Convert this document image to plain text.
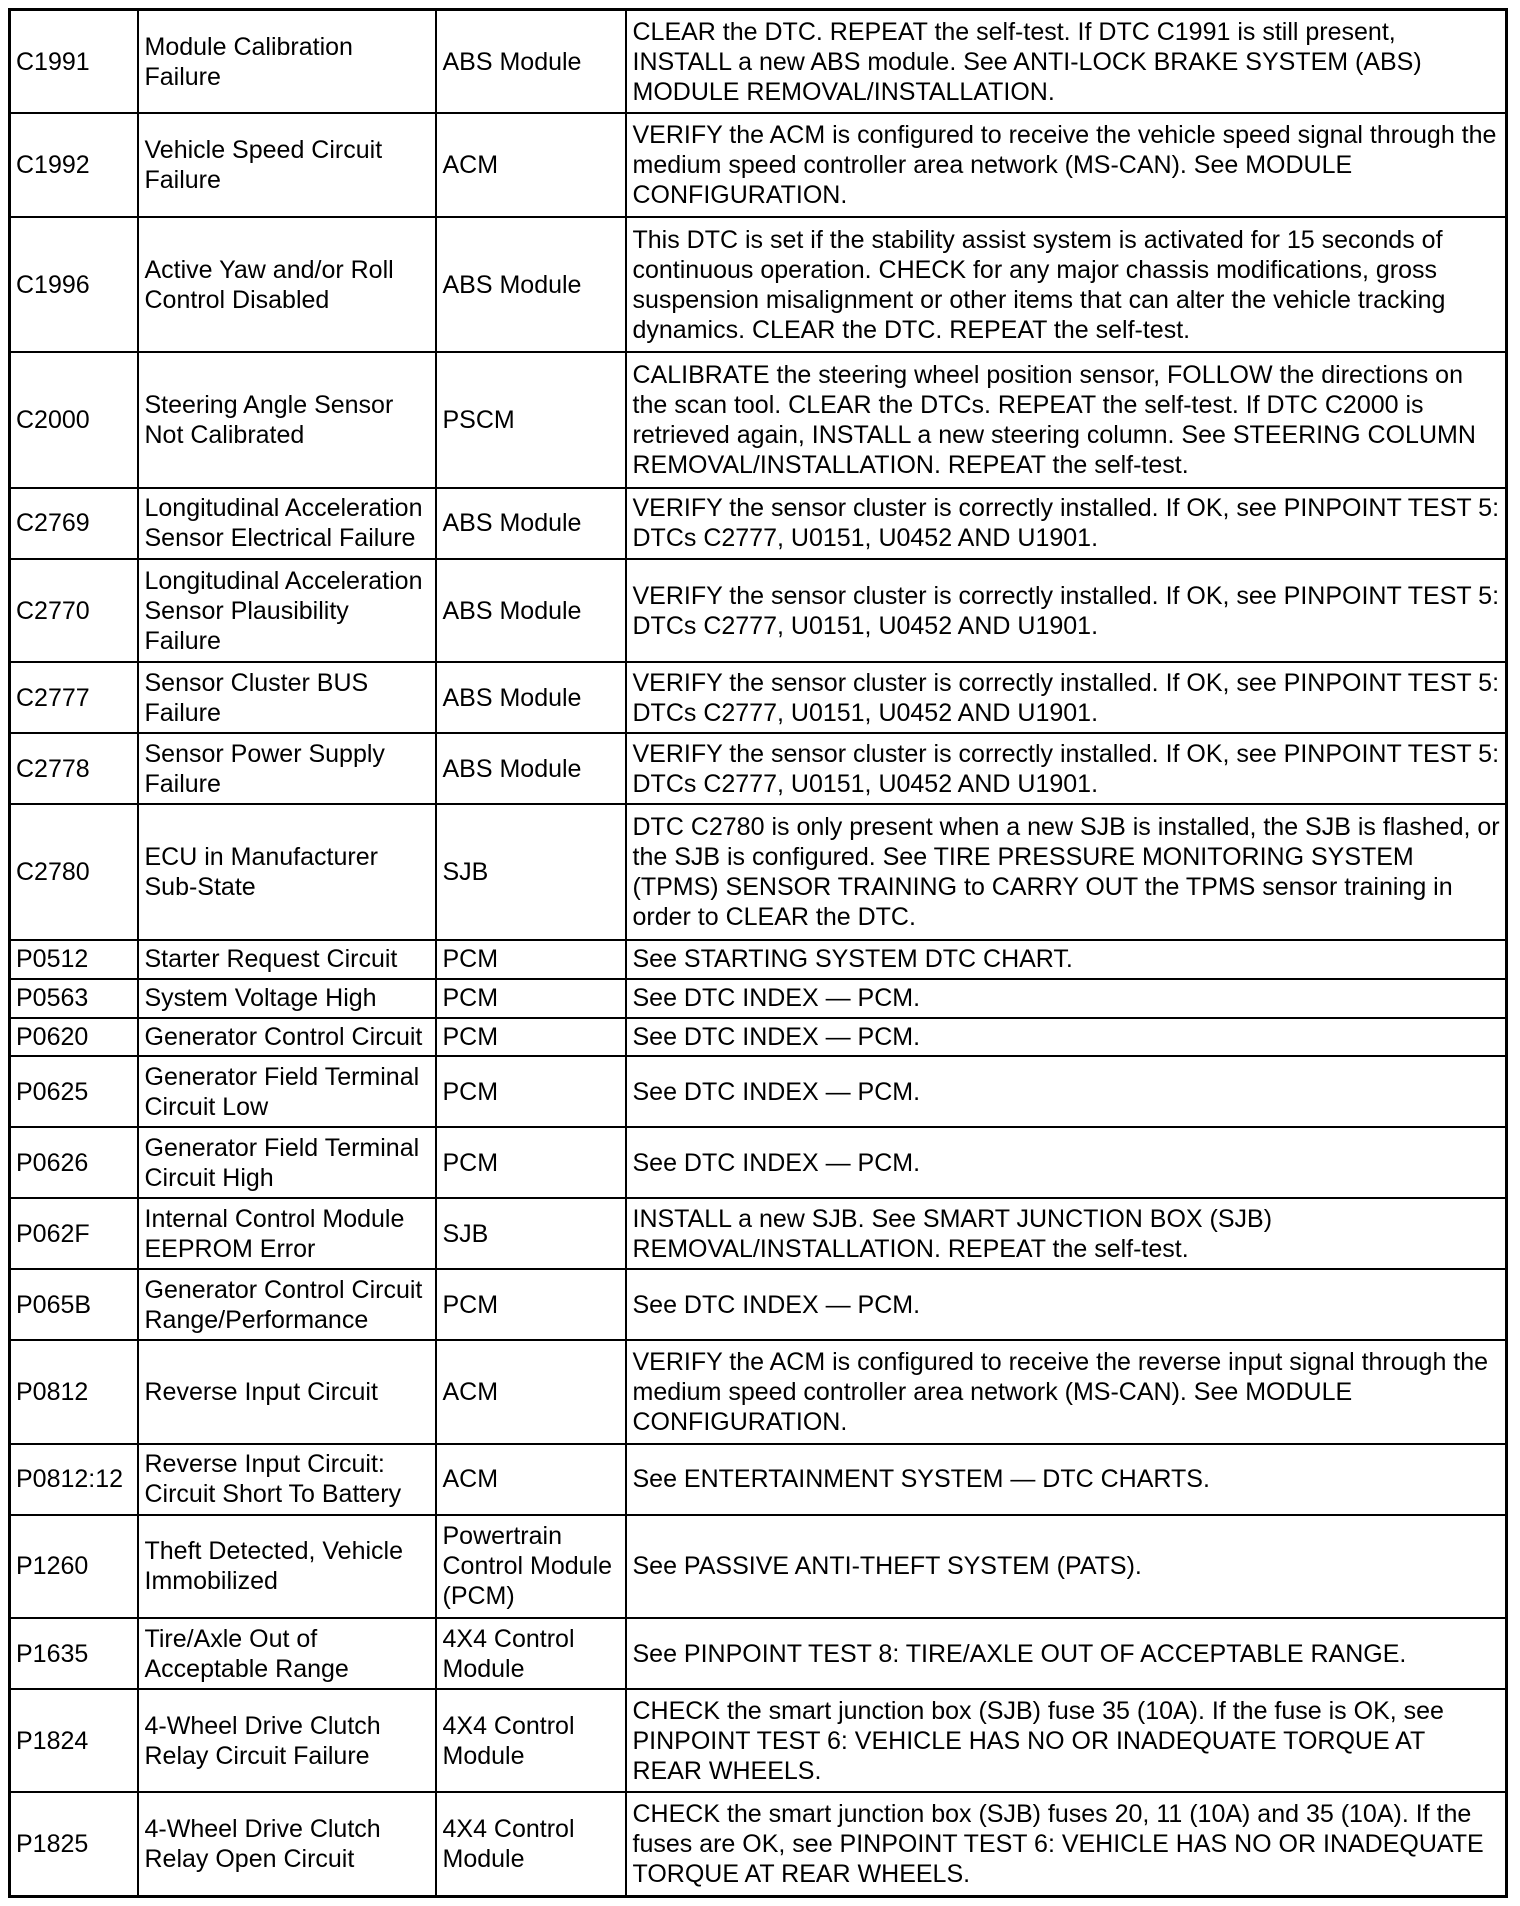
C1991	Module Calibration Failure	ABS Module	CLEAR the DTC. REPEAT the self-test. If DTC C1991 is still present, INSTALL a new ABS module. See ANTI-LOCK BRAKE SYSTEM (ABS) MODULE REMOVAL/INSTALLATION.
C1992	Vehicle Speed Circuit Failure	ACM	VERIFY the ACM is configured to receive the vehicle speed signal through the medium speed controller area network (MS-CAN). See MODULE CONFIGURATION.
C1996	Active Yaw and/or Roll Control Disabled	ABS Module	This DTC is set if the stability assist system is activated for 15 seconds of continuous operation. CHECK for any major chassis modifications, gross suspension misalignment or other items that can alter the vehicle tracking dynamics. CLEAR the DTC. REPEAT the self-test.
C2000	Steering Angle Sensor Not Calibrated	PSCM	CALIBRATE the steering wheel position sensor, FOLLOW the directions on the scan tool. CLEAR the DTCs. REPEAT the self-test. If DTC C2000 is retrieved again, INSTALL a new steering column. See STEERING COLUMN REMOVAL/INSTALLATION. REPEAT the self-test.
C2769	Longitudinal Acceleration Sensor Electrical Failure	ABS Module	VERIFY the sensor cluster is correctly installed. If OK, see PINPOINT TEST 5: DTCs C2777, U0151, U0452 AND U1901.
C2770	Longitudinal Acceleration Sensor Plausibility Failure	ABS Module	VERIFY the sensor cluster is correctly installed. If OK, see PINPOINT TEST 5: DTCs C2777, U0151, U0452 AND U1901.
C2777	Sensor Cluster BUS Failure	ABS Module	VERIFY the sensor cluster is correctly installed. If OK, see PINPOINT TEST 5: DTCs C2777, U0151, U0452 AND U1901.
C2778	Sensor Power Supply Failure	ABS Module	VERIFY the sensor cluster is correctly installed. If OK, see PINPOINT TEST 5: DTCs C2777, U0151, U0452 AND U1901.
C2780	ECU in Manufacturer Sub-State	SJB	DTC C2780 is only present when a new SJB is installed, the SJB is flashed, or the SJB is configured. See TIRE PRESSURE MONITORING SYSTEM (TPMS) SENSOR TRAINING to CARRY OUT the TPMS sensor training in order to CLEAR the DTC.
P0512	Starter Request Circuit	PCM	See STARTING SYSTEM DTC CHART.
P0563	System Voltage High	PCM	See DTC INDEX — PCM.
P0620	Generator Control Circuit	PCM	See DTC INDEX — PCM.
P0625	Generator Field Terminal Circuit Low	PCM	See DTC INDEX — PCM.
P0626	Generator Field Terminal Circuit High	PCM	See DTC INDEX — PCM.
P062F	Internal Control Module EEPROM Error	SJB	INSTALL a new SJB. See SMART JUNCTION BOX (SJB) REMOVAL/INSTALLATION. REPEAT the self-test.
P065B	Generator Control Circuit Range/Performance	PCM	See DTC INDEX — PCM.
P0812	Reverse Input Circuit	ACM	VERIFY the ACM is configured to receive the reverse input signal through the medium speed controller area network (MS-CAN). See MODULE CONFIGURATION.
P0812:12	Reverse Input Circuit: Circuit Short To Battery	ACM	See ENTERTAINMENT SYSTEM — DTC CHARTS.
P1260	Theft Detected, Vehicle Immobilized	Powertrain Control Module (PCM)	See PASSIVE ANTI-THEFT SYSTEM (PATS).
P1635	Tire/Axle Out of Acceptable Range	4X4 Control Module	See PINPOINT TEST 8: TIRE/AXLE OUT OF ACCEPTABLE RANGE.
P1824	4-Wheel Drive Clutch Relay Circuit Failure	4X4 Control Module	CHECK the smart junction box (SJB) fuse 35 (10A). If the fuse is OK, see PINPOINT TEST 6: VEHICLE HAS NO OR INADEQUATE TORQUE AT REAR WHEELS.
P1825	4-Wheel Drive Clutch Relay Open Circuit	4X4 Control Module	CHECK the smart junction box (SJB) fuses 20, 11 (10A) and 35 (10A). If the fuses are OK, see PINPOINT TEST 6: VEHICLE HAS NO OR INADEQUATE TORQUE AT REAR WHEELS.
